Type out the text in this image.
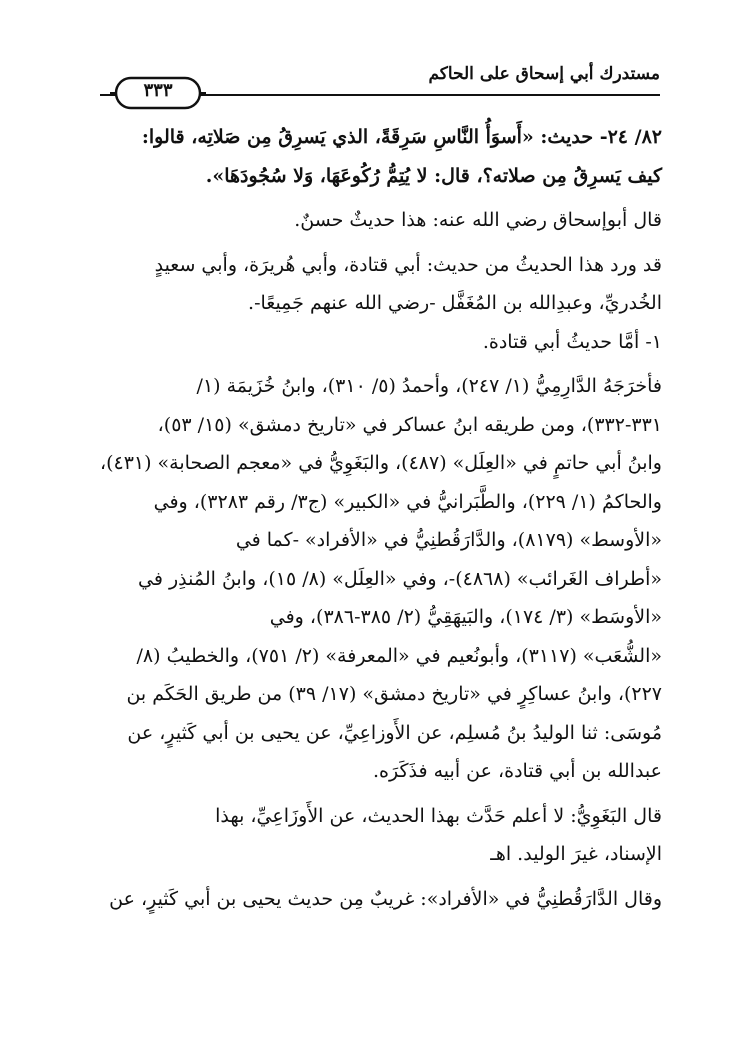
مستدرك أبي إسحاق على الحاكم
٣٣٣

٨٢/ ٢٤- حديث: «أَسوَأُ النَّاسِ سَرِقَةً، الذي يَسرِقُ مِن صَلاتِه، قالوا:
كيف يَسرِقُ مِن صلاته؟، قال: لا يُتِمُّ رُكُوعَهَا، وَلا سُجُودَهَا».

قال أبوإسحاق رضي الله عنه: هذا حديثٌ حسنٌ.

قد ورد هذا الحديثُ من حديث: أبي قتادة، وأبي هُريرَة، وأبي سعيدٍ
الخُدريِّ، وعبدِالله بن المُغَفَّل -رضي الله عنهم جَمِيعًا-.

١- أمَّا حديثُ أبي قتادة.

فأخرَجَهُ الدَّارِمِيُّ (١/ ٢٤٧)، وأحمدُ (٥/ ٣١٠)، وابنُ خُزَيمَة (١/
٣٣١-٣٣٢)، ومن طريقه ابنُ عساكر في «تاريخ دمشق» (١٥/ ٥٣)،
وابنُ أبي حاتمٍ في «العِلَل» (٤٨٧)، والبَغَوِيُّ في «معجم الصحابة» (٤٣١)،
والحاكمُ (١/ ٢٢٩)، والطَّبَرانيُّ في «الكبير» (ج٣/ رقم ٣٢٨٣)، وفي
«الأوسط» (٨١٧٩)، والدَّارَقُطنِيُّ في «الأفراد» -كما في
«أطراف الغَرائب» (٤٨٦٨)-، وفي «العِلَل» (٨/ ١٥)، وابنُ المُنذِر في
«الأوسَط» (٣/ ١٧٤)، والبَيهَقِيُّ (٢/ ٣٨٥-٣٨٦)، وفي
«الشُّعَب» (٣١١٧)، وأبونُعيم في «المعرفة» (٢/ ٧٥١)، والخطيبُ (٨/
٢٢٧)، وابنُ عساكِرٍ في «تاريخ دمشق» (١٧/ ٣٩) من طريق الحَكَم بن
مُوسَى: ثنا الوليدُ بنُ مُسلِم، عن الأَوزاعِيِّ، عن يحيى بن أبي كَثيرٍ، عن
عبدالله بن أبي قتادة، عن أبيه فذَكَرَه.

قال البَغَوِيُّ: لا أعلم حَدَّث بهذا الحديث، عن الأَوزَاعِيِّ، بهذا
الإسناد، غيرَ الوليد. اهـ

وقال الدَّارَقُطنِيُّ في «الأفراد»: غريبٌ مِن حديث يحيى بن أبي كَثيرٍ، عن
